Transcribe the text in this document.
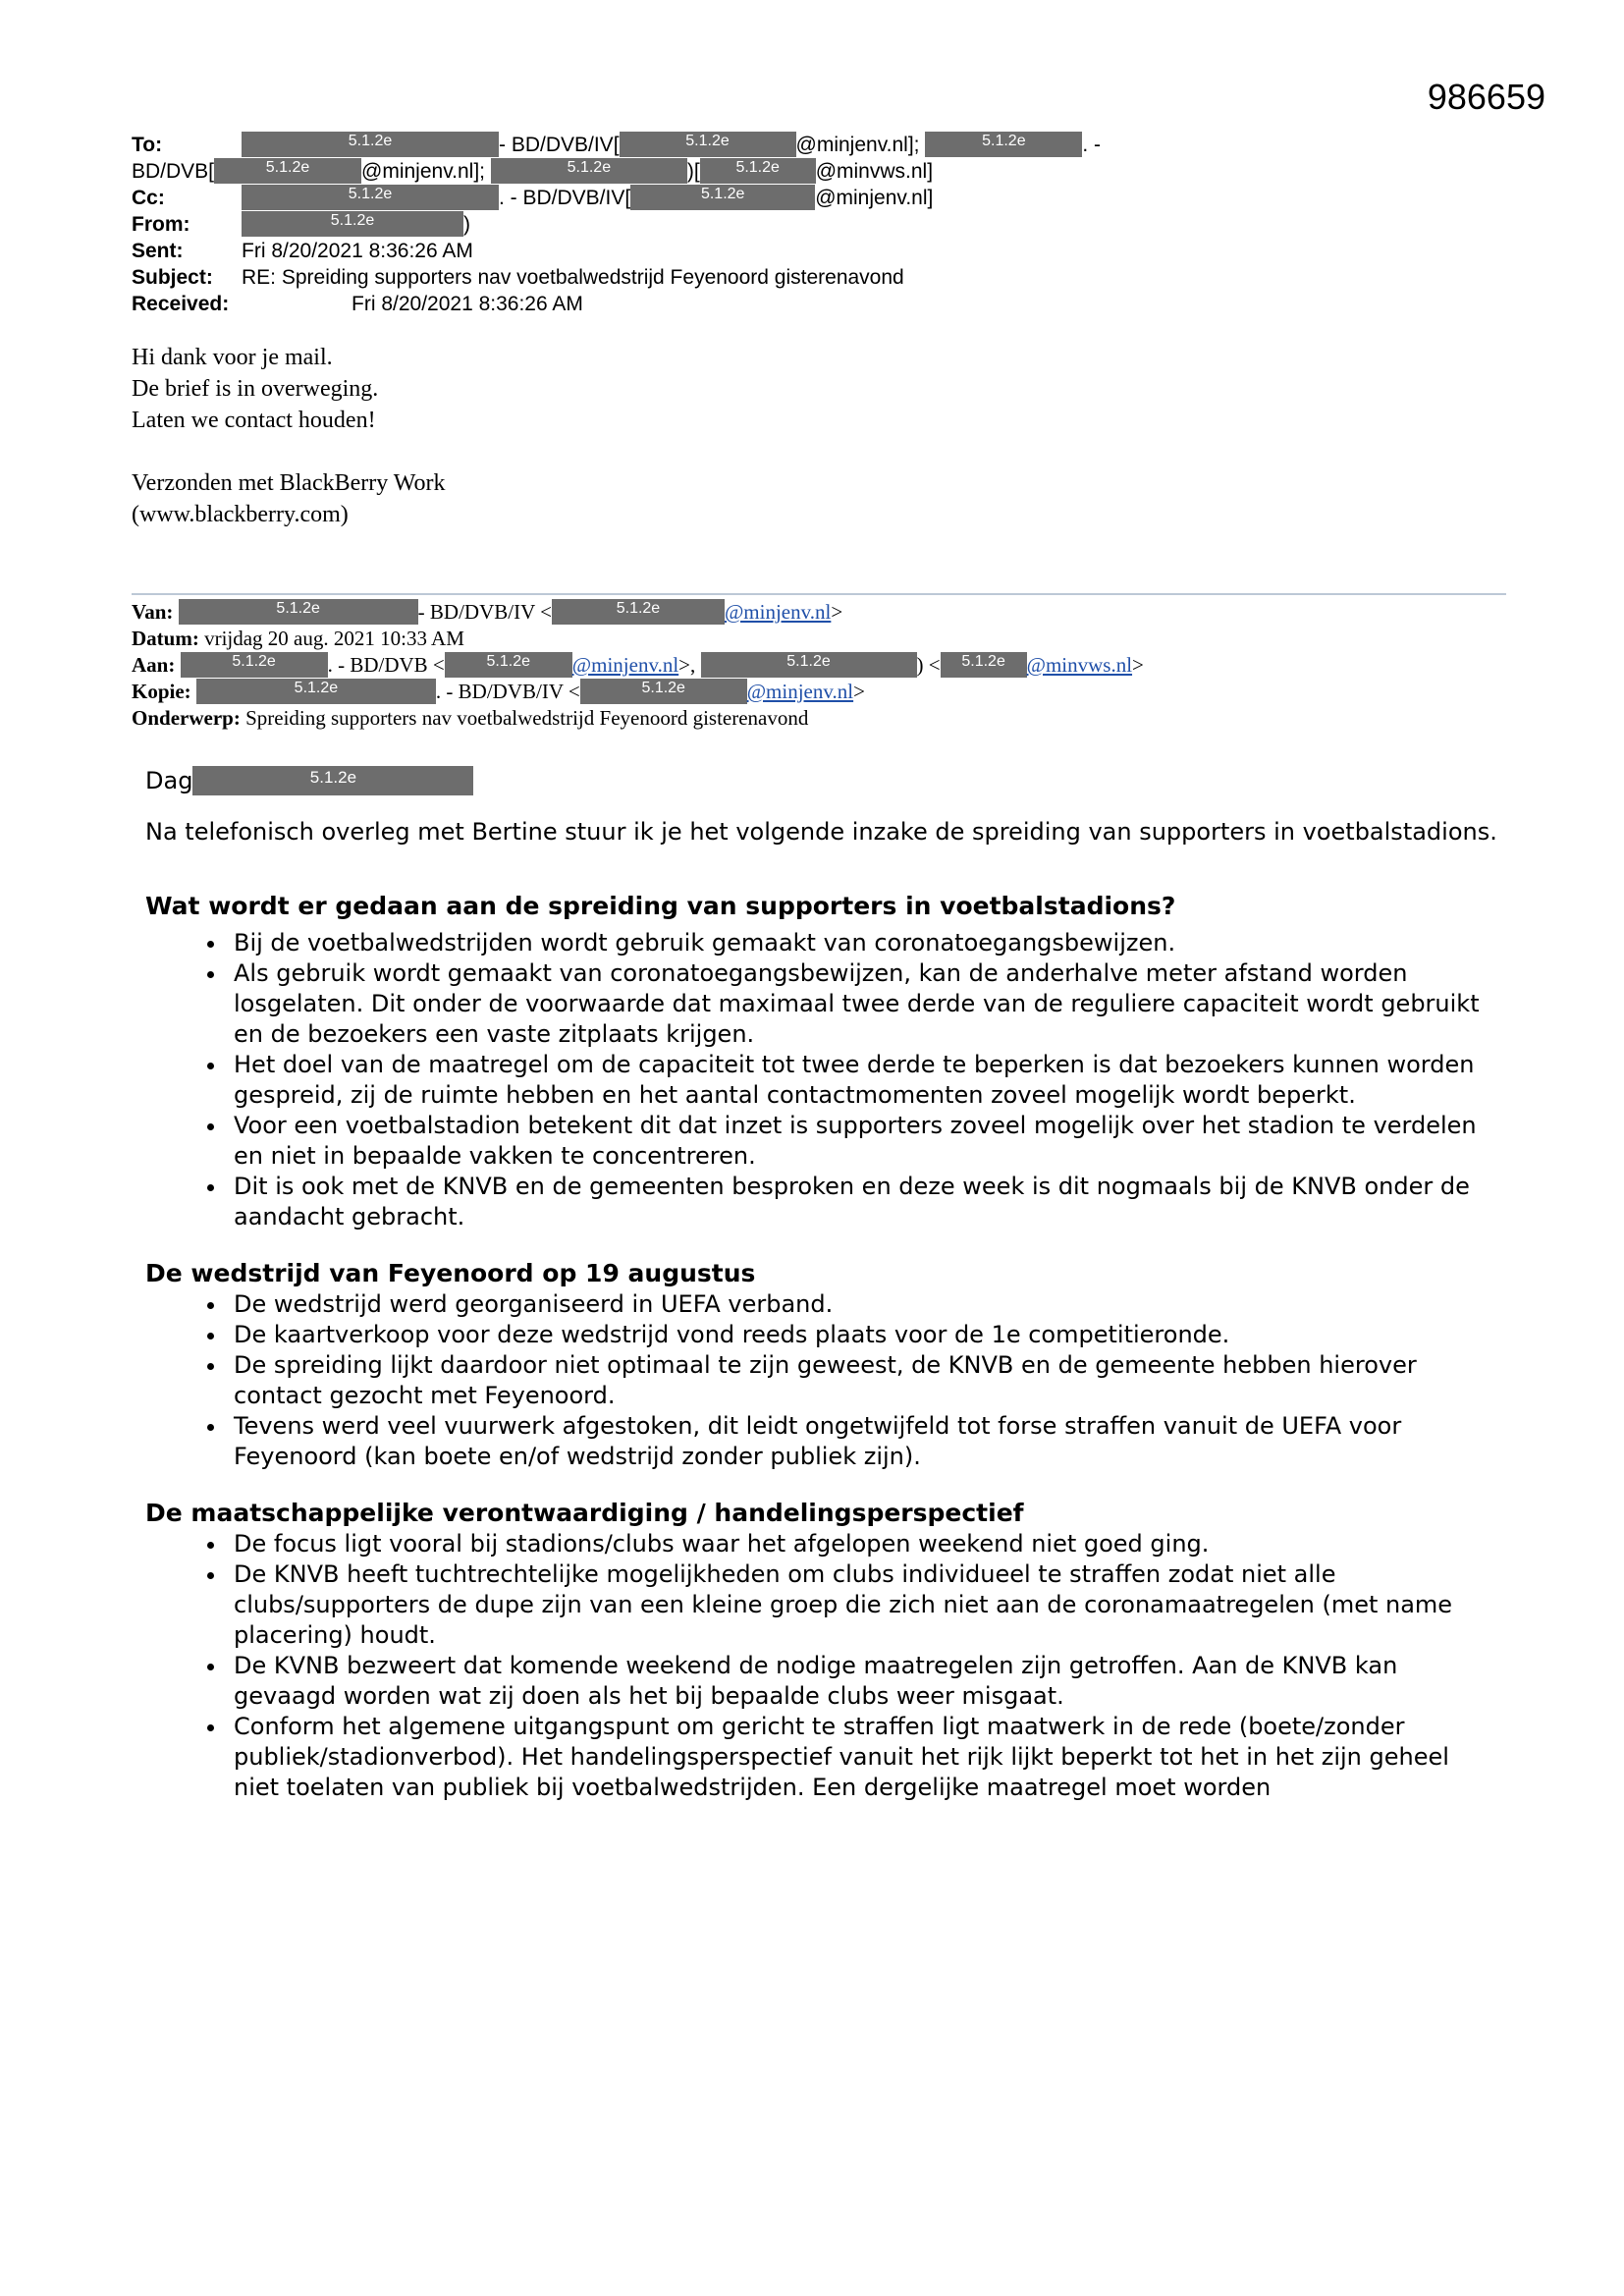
986659
To:	5.1.2e	- BD/DVB/IV[	5.1.2e	@minjenv.nl];	5.1.2e	. -
BD/DVB[	5.1.2e	@minjenv.nl];	5.1.2e	)[ 5.1.2e @minvws.nl]
Cc:	5.1.2e	. - BD/DVB/IV[	5.1.2e	@minjenv.nl]
From:	5.1.2e	)
Sent:	Fri 8/20/2021 8:36:26 AM
Subject: RE: Spreiding supporters nav voetbalwedstrijd Feyenoord gisterenavond
Received:	Fri 8/20/2021 8:36:26 AM
Hi dank voor je mail.
De brief is in overweging.
Laten we contact houden!
Verzonden met BlackBerry Work
(www.blackberry.com)
Van:	5.1.2e	- BD/DVB/IV <	5.1.2e	@minjenv.nl>
Datum: vrijdag 20 aug. 2021 10:33 AM
Aan:	5.1.2e	. - BD/DVB <	5.1.2e @minjenv.nl>,	5.1.2e	) < 5.1.2e @minvws.nl>
Kopie:	5.1.2e	. - BD/DVB/IV <	5.1.2e	@minjenv.nl>
Onderwerp: Spreiding supporters nav voetbalwedstrijd Feyenoord gisterenavond
Dag	5.1.2e

Na telefonisch overleg met Bertine stuur ik je het volgende inzake de spreiding van supporters in voetbalstadions.

Wat wordt er gedaan aan de spreiding van supporters in voetbalstadions?
• Bij de voetbalwedstrijden wordt gebruik gemaakt van coronatoegangsbewijzen.
• Als gebruik wordt gemaakt van coronatoegangsbewijzen, kan de anderhalve meter afstand worden losgelaten. Dit onder de voorwaarde dat maximaal twee derde van de reguliere capaciteit wordt gebruikt en de bezoekers een vaste zitplaats krijgen.
• Het doel van de maatregel om de capaciteit tot twee derde te beperken is dat bezoekers kunnen worden gespreid, zij de ruimte hebben en het aantal contactmomenten zoveel mogelijk wordt beperkt.
• Voor een voetbalstadion betekent dit dat inzet is supporters zoveel mogelijk over het stadion te verdelen en niet in bepaalde vakken te concentreren.
• Dit is ook met de KNVB en de gemeenten besproken en deze week is dit nogmaals bij de KNVB onder de aandacht gebracht.
De wedstrijd van Feyenoord op 19 augustus
• De wedstrijd werd georganiseerd in UEFA verband.
• De kaartverkoop voor deze wedstrijd vond reeds plaats voor de 1e competitieronde.
• De spreiding lijkt daardoor niet optimaal te zijn geweest, de KNVB en de gemeente hebben hierover contact gezocht met Feyenoord.
• Tevens werd veel vuurwerk afgestoken, dit leidt ongetwijfeld tot forse straffen vanuit de UEFA voor Feyenoord (kan boete en/of wedstrijd zonder publiek zijn).
De maatschappelijke verontwaardiging / handelingsperspectief
• De focus ligt vooral bij stadions/clubs waar het afgelopen weekend niet goed ging.
• De KNVB heeft tuchtrechtelijke mogelijkheden om clubs individueel te straffen zodat niet alle clubs/supporters de dupe zijn van een kleine groep die zich niet aan de coronamaatregelen (met name placering) houdt.
• De KVNB bezweert dat komende weekend de nodige maatregelen zijn getroffen. Aan de KNVB kan gevaagd worden wat zij doen als het bij bepaalde clubs weer misgaat.
• Conform het algemene uitgangspunt om gericht te straffen ligt maatwerk in de rede (boete/zonder publiek/stadionverbod). Het handelingsperspectief vanuit het rijk lijkt beperkt tot het in het zijn geheel niet toelaten van publiek bij voetbalwedstrijden. Een dergelijke maatregel moet worden
